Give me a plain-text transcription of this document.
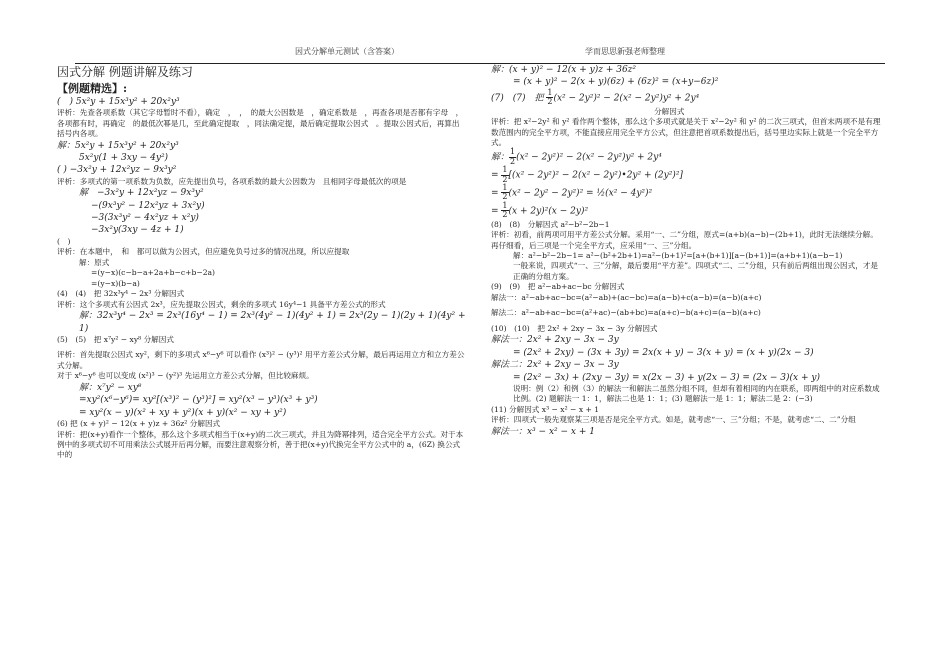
因式分解单元测试（含答案）	学而思思新强老师整理
因式分解 例题讲解及练习
【例题精选】:
(　) 5x²y + 15x³y² + 20x²y³
评析：先查各项系数（其它字母暂时不看），确定　，　，　的最大公因数是　，确定系数是　，再查各项是否都有字母　，各项都有时，再确定　的最低次幂是几，至此确定提取　，同法确定提，最后确定提取公因式　。提取公因式后，再算出括号内各项。
解：5x²y + 15x³y² + 20x²y³
5x²y(1 + 3xy − 4y²)
( ) −3x²y + 12x²yz − 9x³y²
评析：多项式的第一项系数为负数，应先提出负号，各项系数的最大公因数为　且相同字母最低次的项是
解　−3x²y + 12x²yz − 9x³y²
−(9x³y² − 12x²yz + 3x²y)
−3(3x³y² − 4x²yz + x²y)
−3x²y(3xy − 4z + 1)
(　)
评析：在本题中，　和　都可以做为公因式，但应避免负号过多的情况出现，所以应提取
解：原式
=(y−x)(c−b−a+2a+b−c+b−2a)
=(y−x)(b−a)
(4)　(4)　把 32x³y⁴ − 2x³ 分解因式
评析：这个多项式有公因式 2x³，应先提取公因式，剩余的多项式 16y⁴−1 具备平方差公式的形式
解：32x³y⁴ − 2x³ = 2x³(16y⁴ − 1) = 2x³(4y² − 1)(4y² + 1) = 2x³(2y − 1)(2y + 1)(4y² + 1)
(5)　(5)　把 x⁷y² − xy⁸ 分解因式
评析：首先提取公因式 xy²，剩下的多项式 x⁶−y⁶ 可以看作 (x³)² − (y³)² 用平方差公式分解，最后再运用立方和立方差公式分解。
对于 x⁶−y⁶ 也可以变成 (x²)³ − (y²)³ 先运用立方差公式分解，但比较麻烦。
解：x⁷y² − xy⁸
=xy²(x⁶−y⁶)= xy²[(x³)² − (y³)²] = xy²(x³ − y³)(x³ + y³)
= xy²(x − y)(x² + xy + y²)(x + y)(x² − xy + y²)
(6) 把 (x + y)² − 12(x + y)z + 36z² 分解因式
评析：把(x+y)看作一个整体，那么这个多项式相当于(x+y)的二次三项式，并且为降幂排列，适合完全平方公式。对于本例中的多项式切不可用乘法公式展开后再分解，而要注意观察分析，善于把(x+y)代换完全平方公式中的 a，(6Z) 换公式中的
解：(x + y)² − 12(x + y)z + 36z²
= (x + y)² − 2(x + y)(6z) + (6z)² = (x+y−6z)²
(7)　(7)　把 $\frac{1}{2} (x^2 - 2y^2)^2 - 2(x^2 - 2y^2)y^2 + 2y^4$
　　　　　　　　　　　　　　　　　分解因式
评析：把 x²−2y² 和 y² 看作两个整体，那么这个多项式就是关于 x²−2y² 和 y² 的二次三项式，但首末两项不是有理数范围内的完全平方项，不能直接应用完全平方公式，但注意把首项系数提出后，括号里边实际上就是一个完全平方式。
解： $\frac{1}{2} (x^2 - 2y^2)^2 - 2(x^2 - 2y^2)y^2 + 2y^4$
= $\frac{1}{2} [(x^2 - 2y^2)^2 - 2(x^2$ − 2y²)•2y² + (2y²)²]
= $\frac{1}{2} (x^2 - 2y^2 - 2y^2)^2$ = ½(x² − 4y²)²
= $\frac{1}{2} (x + 2y)^2(x - 2y)^2$
(8)　(8)　分解因式 a²−b²−2b−1
评析：初看，前两项可用平方差公式分解。采用“一、二”分组，原式=(a+b)(a−b)−(2b+1)，此时无法继续分解。再仔细看，后三项是一个完全平方式，应采用“一、三”分组。
解：a²−b²−2b−1= a²−(b²+2b+1)=a²−(b+1)²=[a+(b+1)][a−(b+1)]=(a+b+1)(a−b−1)
一般来说，四项式“一、三”分解，最后要用“平方差”。四项式“二、二”分组，只有前后两组出现公因式，才是正确的分组方案。
(9)　(9)　把 a²−ab+ac−bc 分解因式
解法一：a²−ab+ac−bc=(a²−ab)+(ac−bc)=a(a−b)+c(a−b)=(a−b)(a+c)
解法二：a²−ab+ac−bc=(a²+ac)−(ab+bc)=a(a+c)−b(a+c)=(a−b)(a+c)
(10)　(10)　把 2x² + 2xy − 3x − 3y 分解因式
解法一：2x² + 2xy − 3x − 3y
= (2x² + 2xy) − (3x + 3y) = 2x(x + y) − 3(x + y) = (x + y)(2x − 3)
解法二：2x² + 2xy − 3x − 3y
= (2x² − 3x) + (2xy − 3y) = x(2x − 3) + y(2x − 3) = (2x − 3)(x + y)
说明：例（2）和例（3）的解法一和解法二虽然分组不同，但却有着相同的内在联系，即两组中的对应系数成比例。(2) 题解法一 1：1，解法二也是 1：1；(3) 题解法一是 1：1；解法二是 2：(−3)
(11) 分解因式 x³ − x² − x + 1
评析：四项式一般先观察某三项是否是完全平方式。如是，就考虑“一、三”分组；不是，就考虑“二、二”分组
解法一：x³ − x² − x + 1
